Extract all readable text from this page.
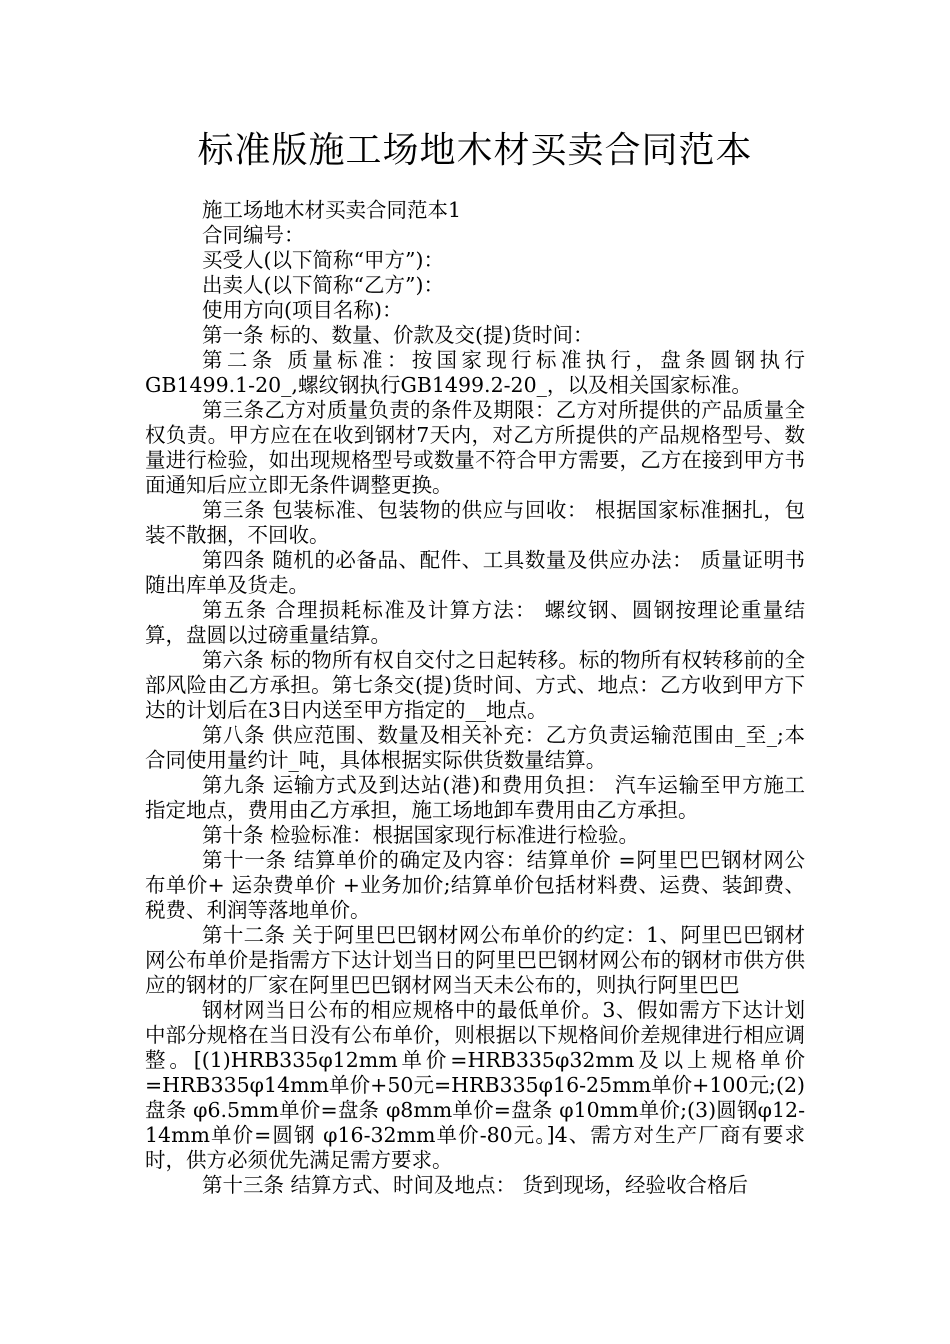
标准版施工场地木材买卖合同范本

施工场地木材买卖合同范本1

合同编号：

买受人(以下简称“甲方”)：

出卖人(以下简称“乙方”)：

使用方向(项目名称)：

第一条 标的、数量、价款及交(提)货时间：

第二条 质量标准：按国家现行标准执行，盘条圆钢执行GB1499.1-20_,螺纹钢执行GB1499.2-20_，以及相关国家标准。

第三条乙方对质量负责的条件及期限：乙方对所提供的产品质量全权负责。甲方应在在收到钢材7天内，对乙方所提供的产品规格型号、数量进行检验，如出现规格型号或数量不符合甲方需要，乙方在接到甲方书面通知后应立即无条件调整更换。

第三条 包装标准、包装物的供应与回收： 根据国家标准捆扎，包装不散捆，不回收。

第四条 随机的必备品、配件、工具数量及供应办法： 质量证明书随出库单及货走。

第五条 合理损耗标准及计算方法： 螺纹钢、圆钢按理论重量结算，盘圆以过磅重量结算。

第六条 标的物所有权自交付之日起转移。标的物所有权转移前的全部风险由乙方承担。第七条交(提)货时间、方式、地点：乙方收到甲方下达的计划后在3日内送至甲方指定的__地点。

第八条 供应范围、数量及相关补充：乙方负责运输范围由_至_;本合同使用量约计_吨，具体根据实际供货数量结算。

第九条 运输方式及到达站(港)和费用负担： 汽车运输至甲方施工指定地点，费用由乙方承担，施工场地卸车费用由乙方承担。

第十条 检验标准：根据国家现行标准进行检验。

第十一条 结算单价的确定及内容：结算单价 =阿里巴巴钢材网公布单价+ 运杂费单价 +业务加价;结算单价包括材料费、运费、装卸费、税费、利润等落地单价。

第十二条 关于阿里巴巴钢材网公布单价的约定：1、阿里巴巴钢材网公布单价是指需方下达计划当日的阿里巴巴钢材网公布的钢材市供方供应的钢材的厂家在阿里巴巴钢材网当天未公布的，则执行阿里巴巴

钢材网当日公布的相应规格中的最低单价。3、假如需方下达计划中部分规格在当日没有公布单价，则根据以下规格间价差规律进行相应调整。[(1)HRB335φ12mm单价=HRB335φ32mm及以上规格单价=HRB335φ14mm单价+50元=HRB335φ16-25mm单价+100元;(2)盘条 φ6.5mm单价=盘条 φ8mm单价=盘条 φ10mm单价;(3)圆钢φ12-14mm单价=圆钢 φ16-32mm单价-80元。]4、需方对生产厂商有要求时，供方必须优先满足需方要求。

第十三条 结算方式、时间及地点： 货到现场，经验收合格后
